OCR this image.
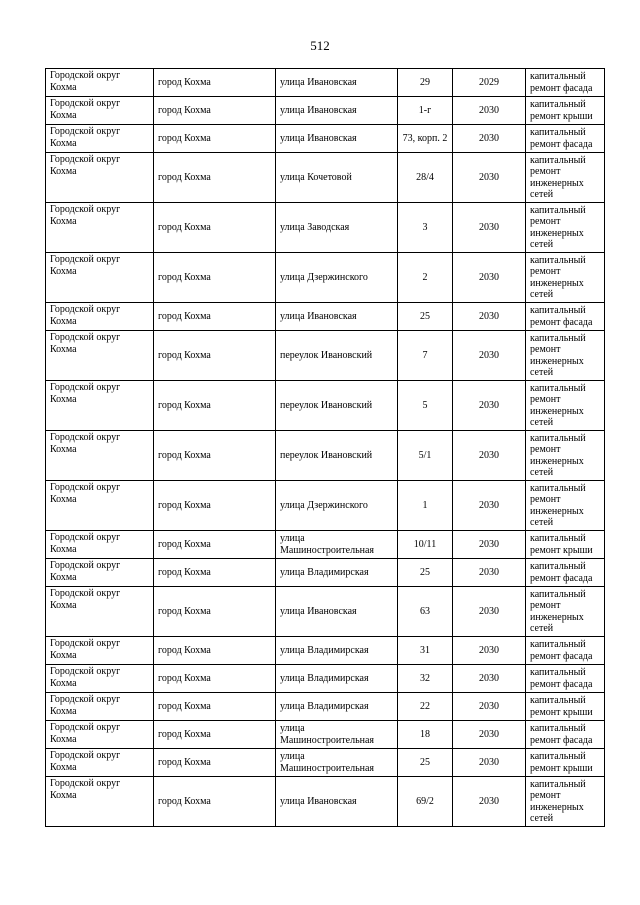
512
Городской округ Кохма	город Кохма	улица Ивановская	29	2029	капитальный ремонт фасада
Городской округ Кохма	город Кохма	улица Ивановская	1-г	2030	капитальный ремонт крыши
Городской округ Кохма	город Кохма	улица Ивановская	73, корп. 2	2030	капитальный ремонт фасада
Городской округ Кохма	город Кохма	улица Кочетовой	28/4	2030	капитальный ремонт инженерных сетей
Городской округ Кохма	город Кохма	улица Заводская	3	2030	капитальный ремонт инженерных сетей
Городской округ Кохма	город Кохма	улица Дзержинского	2	2030	капитальный ремонт инженерных сетей
Городской округ Кохма	город Кохма	улица Ивановская	25	2030	капитальный ремонт фасада
Городской округ Кохма	город Кохма	переулок Ивановский	7	2030	капитальный ремонт инженерных сетей
Городской округ Кохма	город Кохма	переулок Ивановский	5	2030	капитальный ремонт инженерных сетей
Городской округ Кохма	город Кохма	переулок Ивановский	5/1	2030	капитальный ремонт инженерных сетей
Городской округ Кохма	город Кохма	улица Дзержинского	1	2030	капитальный ремонт инженерных сетей
Городской округ Кохма	город Кохма	улица Машиностроительная	10/11	2030	капитальный ремонт крыши
Городской округ Кохма	город Кохма	улица Владимирская	25	2030	капитальный ремонт фасада
Городской округ Кохма	город Кохма	улица Ивановская	63	2030	капитальный ремонт инженерных сетей
Городской округ Кохма	город Кохма	улица Владимирская	31	2030	капитальный ремонт фасада
Городской округ Кохма	город Кохма	улица Владимирская	32	2030	капитальный ремонт фасада
Городской округ Кохма	город Кохма	улица Владимирская	22	2030	капитальный ремонт крыши
Городской округ Кохма	город Кохма	улица Машиностроительная	18	2030	капитальный ремонт фасада
Городской округ Кохма	город Кохма	улица Машиностроительная	25	2030	капитальный ремонт крыши
Городской округ Кохма	город Кохма	улица Ивановская	69/2	2030	капитальный ремонт инженерных сетей
